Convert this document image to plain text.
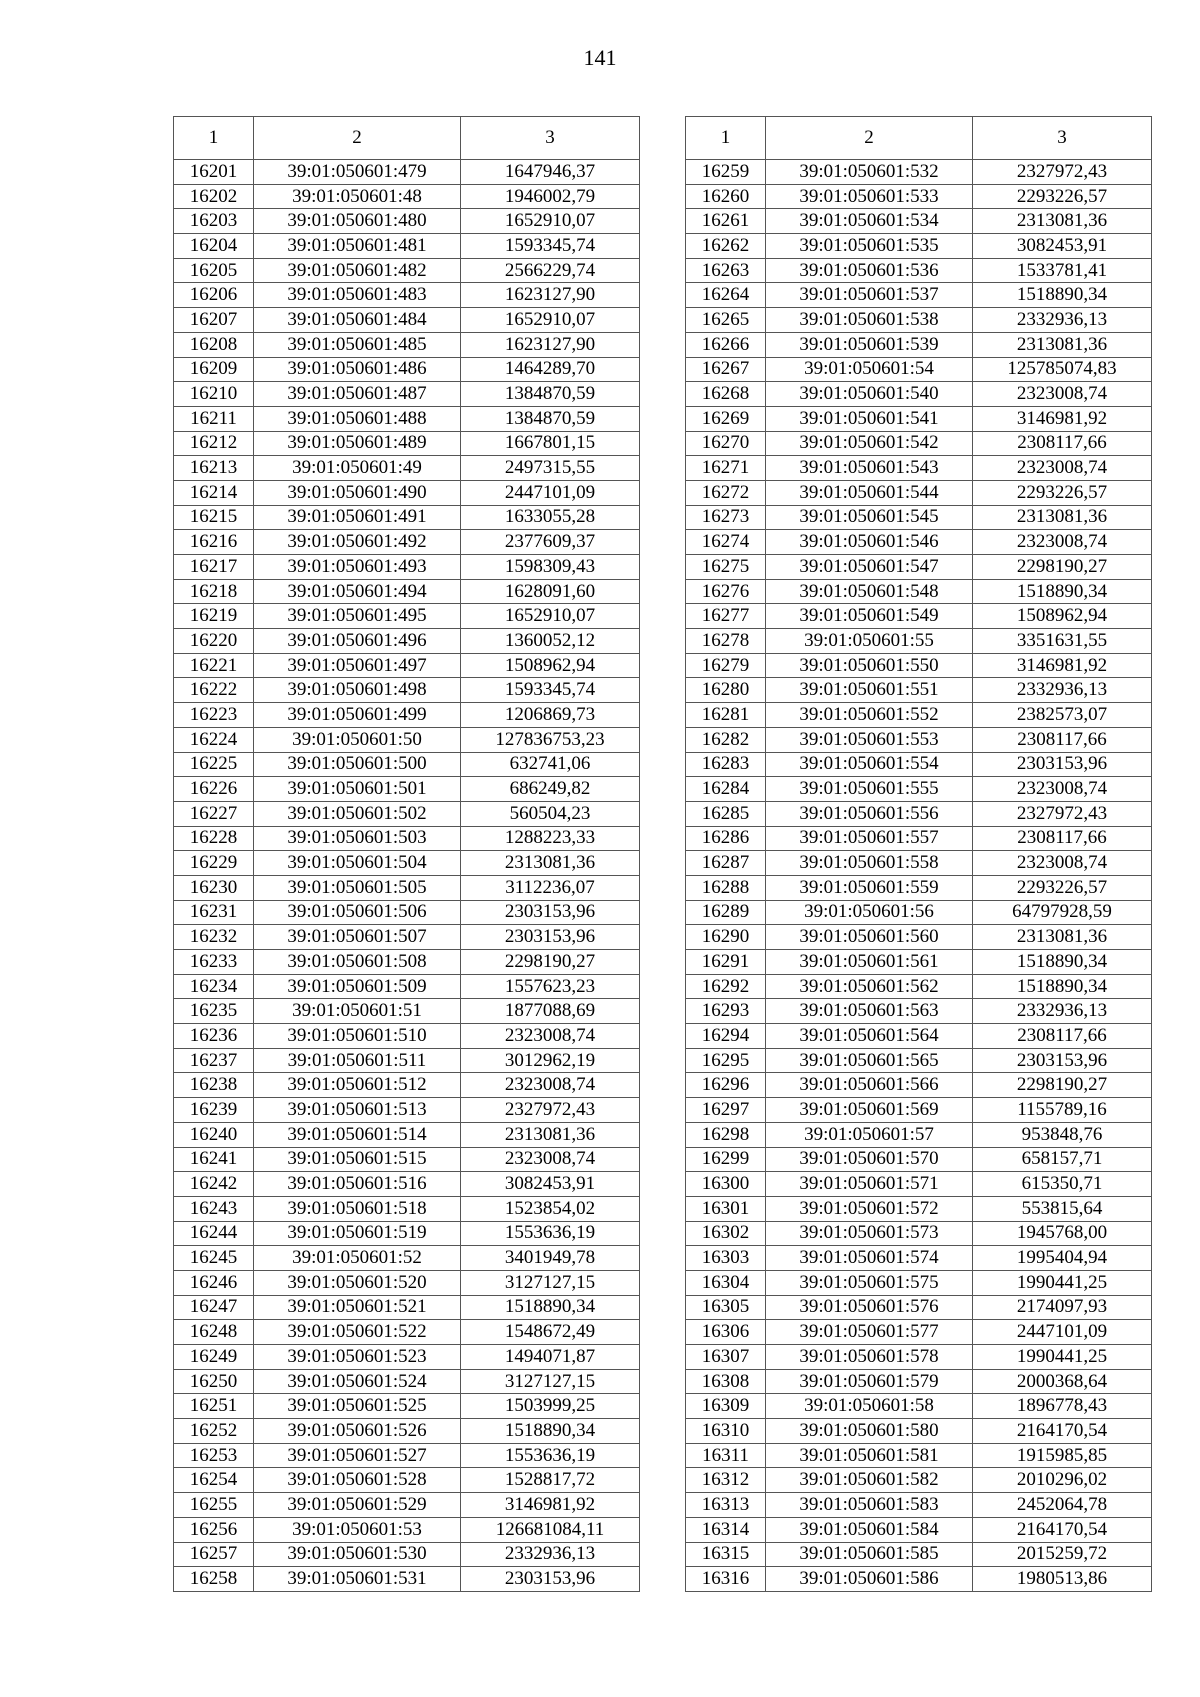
141
1	2	3
16201	39:01:050601:479	1647946,37
16202	39:01:050601:48	1946002,79
16203	39:01:050601:480	1652910,07
16204	39:01:050601:481	1593345,74
16205	39:01:050601:482	2566229,74
16206	39:01:050601:483	1623127,90
16207	39:01:050601:484	1652910,07
16208	39:01:050601:485	1623127,90
16209	39:01:050601:486	1464289,70
16210	39:01:050601:487	1384870,59
16211	39:01:050601:488	1384870,59
16212	39:01:050601:489	1667801,15
16213	39:01:050601:49	2497315,55
16214	39:01:050601:490	2447101,09
16215	39:01:050601:491	1633055,28
16216	39:01:050601:492	2377609,37
16217	39:01:050601:493	1598309,43
16218	39:01:050601:494	1628091,60
16219	39:01:050601:495	1652910,07
16220	39:01:050601:496	1360052,12
16221	39:01:050601:497	1508962,94
16222	39:01:050601:498	1593345,74
16223	39:01:050601:499	1206869,73
16224	39:01:050601:50	127836753,23
16225	39:01:050601:500	632741,06
16226	39:01:050601:501	686249,82
16227	39:01:050601:502	560504,23
16228	39:01:050601:503	1288223,33
16229	39:01:050601:504	2313081,36
16230	39:01:050601:505	3112236,07
16231	39:01:050601:506	2303153,96
16232	39:01:050601:507	2303153,96
16233	39:01:050601:508	2298190,27
16234	39:01:050601:509	1557623,23
16235	39:01:050601:51	1877088,69
16236	39:01:050601:510	2323008,74
16237	39:01:050601:511	3012962,19
16238	39:01:050601:512	2323008,74
16239	39:01:050601:513	2327972,43
16240	39:01:050601:514	2313081,36
16241	39:01:050601:515	2323008,74
16242	39:01:050601:516	3082453,91
16243	39:01:050601:518	1523854,02
16244	39:01:050601:519	1553636,19
16245	39:01:050601:52	3401949,78
16246	39:01:050601:520	3127127,15
16247	39:01:050601:521	1518890,34
16248	39:01:050601:522	1548672,49
16249	39:01:050601:523	1494071,87
16250	39:01:050601:524	3127127,15
16251	39:01:050601:525	1503999,25
16252	39:01:050601:526	1518890,34
16253	39:01:050601:527	1553636,19
16254	39:01:050601:528	1528817,72
16255	39:01:050601:529	3146981,92
16256	39:01:050601:53	126681084,11
16257	39:01:050601:530	2332936,13
16258	39:01:050601:531	2303153,96
1	2	3
16259	39:01:050601:532	2327972,43
16260	39:01:050601:533	2293226,57
16261	39:01:050601:534	2313081,36
16262	39:01:050601:535	3082453,91
16263	39:01:050601:536	1533781,41
16264	39:01:050601:537	1518890,34
16265	39:01:050601:538	2332936,13
16266	39:01:050601:539	2313081,36
16267	39:01:050601:54	125785074,83
16268	39:01:050601:540	2323008,74
16269	39:01:050601:541	3146981,92
16270	39:01:050601:542	2308117,66
16271	39:01:050601:543	2323008,74
16272	39:01:050601:544	2293226,57
16273	39:01:050601:545	2313081,36
16274	39:01:050601:546	2323008,74
16275	39:01:050601:547	2298190,27
16276	39:01:050601:548	1518890,34
16277	39:01:050601:549	1508962,94
16278	39:01:050601:55	3351631,55
16279	39:01:050601:550	3146981,92
16280	39:01:050601:551	2332936,13
16281	39:01:050601:552	2382573,07
16282	39:01:050601:553	2308117,66
16283	39:01:050601:554	2303153,96
16284	39:01:050601:555	2323008,74
16285	39:01:050601:556	2327972,43
16286	39:01:050601:557	2308117,66
16287	39:01:050601:558	2323008,74
16288	39:01:050601:559	2293226,57
16289	39:01:050601:56	64797928,59
16290	39:01:050601:560	2313081,36
16291	39:01:050601:561	1518890,34
16292	39:01:050601:562	1518890,34
16293	39:01:050601:563	2332936,13
16294	39:01:050601:564	2308117,66
16295	39:01:050601:565	2303153,96
16296	39:01:050601:566	2298190,27
16297	39:01:050601:569	1155789,16
16298	39:01:050601:57	953848,76
16299	39:01:050601:570	658157,71
16300	39:01:050601:571	615350,71
16301	39:01:050601:572	553815,64
16302	39:01:050601:573	1945768,00
16303	39:01:050601:574	1995404,94
16304	39:01:050601:575	1990441,25
16305	39:01:050601:576	2174097,93
16306	39:01:050601:577	2447101,09
16307	39:01:050601:578	1990441,25
16308	39:01:050601:579	2000368,64
16309	39:01:050601:58	1896778,43
16310	39:01:050601:580	2164170,54
16311	39:01:050601:581	1915985,85
16312	39:01:050601:582	2010296,02
16313	39:01:050601:583	2452064,78
16314	39:01:050601:584	2164170,54
16315	39:01:050601:585	2015259,72
16316	39:01:050601:586	1980513,86
